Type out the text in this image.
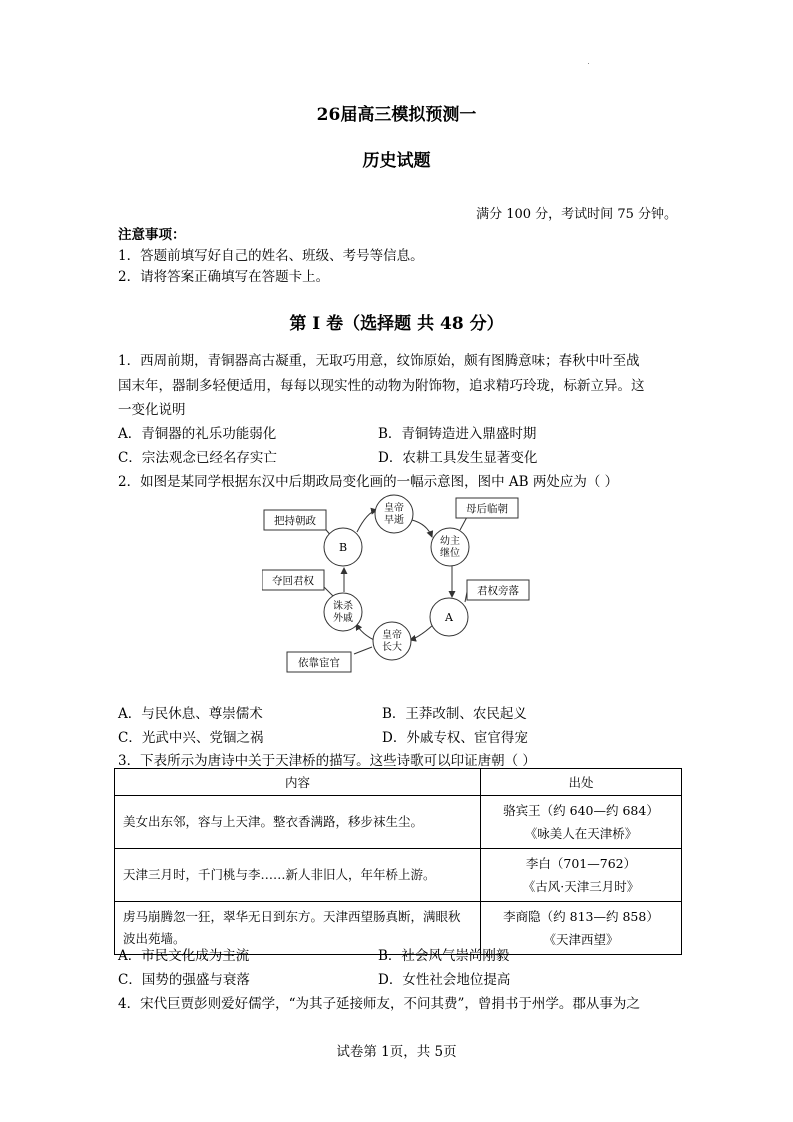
26届高三模拟预测一
历史试题
满分 100 分，考试时间 75 分钟。
注意事项：
1．答题前填写好自己的姓名、班级、考号等信息。
2．请将答案正确填写在答题卡上。
第 I 卷（选择题 共 48 分）
1．西周前期，青铜器高古凝重，无取巧用意，纹饰原始，颇有图腾意味；春秋中叶至战
国末年，器制多轻便适用，每每以现实性的动物为附饰物，追求精巧玲珑，标新立异。这
一变化说明
A．青铜器的礼乐功能弱化	B．青铜铸造进入鼎盛时期
C．宗法观念已经名存实亡	D．农耕工具发生显著变化
2．如图是某同学根据东汉中后期政局变化画的一幅示意图，图中 AB 两处应为（ ）
皇帝
早逝
幼主
继位
A
皇帝
长大
诛杀
外戚
B
把持朝政
母后临朝
君权旁落
夺回君权
依靠宦官
A．与民休息、尊崇儒术	B．王莽改制、农民起义
C．光武中兴、党锢之祸	D．外戚专权、宦官得宠
3．下表所示为唐诗中关于天津桥的描写。这些诗歌可以印证唐朝（ ）
内容	出处
美女出东邻，容与上天津。整衣香满路，移步袜生尘。	骆宾王（约 640—约 684）
《咏美人在天津桥》

天津三月时，千门桃与李……新人非旧人，年年桥上游。	李白（701—762）
《古风·天津三月时》

虏马崩腾忽一狂，翠华无日到东方。天津西望肠真断，满眼秋波出苑墙。	李商隐（约 813—约 858）
《天津西望》
A．市民文化成为主流	B．社会风气崇尚刚毅
C．国势的强盛与衰落	D．女性社会地位提高
4．宋代巨贾彭则爱好儒学，“为其子延接师友，不问其费”，曾捐书于州学。郡从事为之
试卷第 1页，共 5页
